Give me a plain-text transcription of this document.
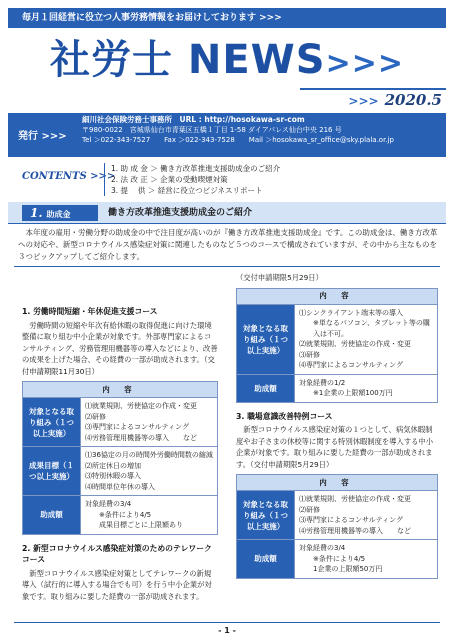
毎月１回経営に役立つ人事労務情報をお届けしております >>>
社労士 NEWS>>>
>>> 2020.5
発行 >>>
細川社会保険労務士事務所　URL : http://hosokawa-sr-com
〒980-0022　宮城県仙台市青葉区五橋１丁目 1-58 ダイアパレス仙台中央 216 号
Tel ＞022-343-7527　　Fax ＞022-343-7528　　Mail ＞hosokawa_sr_office@sky.plala.or.jp
CONTENTS >>>
1. 助 成 金 ＞ 働き方改革推進支援助成金のご紹介
2. 法 改 正 ＞ 企業の受動喫煙対策
3. 提　 供 ＞ 経営に役立つビジネスリポート
1. 助成金	働き方改革推進支援助成金のご紹介

本年度の雇用・労働分野の助成金の中で注目度が高いのが『働き方改革推進支援助成金』です。この助成金は、働き方改革への対応や、新型コロナウイルス感染症対策に関連したものなど５つのコースで構成されていますが、その中から主なものを３つピックアップしてご紹介します。

1. 労働時間短縮・年休促進支援コース

労働時間の短縮や年次有給休暇の取得促進に向けた環境整備に取り組む中小企業が対象です。外部専門家によるコンサルティング、労務管理用機器等の導入などにより、改善の成果を上げた場合、その経費の一部が助成されます。（交付申請期限11月30日）

内 容	
対象となる取り組み（１つ以上実施）	⑴就業規則、労使協定の作成・変更
⑵研修
⑶専門家によるコンサルティング
⑷労務管理用機器等の導入　　など

成果目標（１つ以上実施）	⑴36協定の月の時間外労働時間数の縮減
⑵所定休日の増加
⑶特別休暇の導入
⑷時間単位年休の導入

助成額	対象経費の3/4
※条件により4/5
成果目標ごとに上限額あり
2. 新型コロナウイルス感染症対策のためのテレワークコース

新型コロナウイルス感染症対策としてテレワークの新規導入（試行的に導入する場合でも可）を行う中小企業が対象です。取り組みに要した経費の一部が助成されます。

（交付申請期限5月29日）

内 容	
対象となる取り組み（１つ以上実施）	⑴シンクライアント端末等の導入
※単なるパソコン、タブレット等の購入は不可。
⑵就業規則、労使協定の作成・変更
⑶研修
⑷専門家によるコンサルティング

助成額	対象経費の1/2
※1企業の上限額100万円
3. 職場意識改善特例コース

新型コロナウイルス感染症対策の１つとして、病気休暇制度やお子さまの休校等に関する特別休暇制度を導入する中小企業が対象です。取り組みに要した経費の一部が助成されます。（交付申請期限5月29日）

内 容	
対象となる取り組み（１つ以上実施）	⑴就業規則、労使協定の作成・変更
⑵研修
⑶専門家によるコンサルティング
⑷労務管理用機器等の導入　　など

助成額	対象経費の3/4
※条件により4/5
1企業の上限額50万円
- 1 -
